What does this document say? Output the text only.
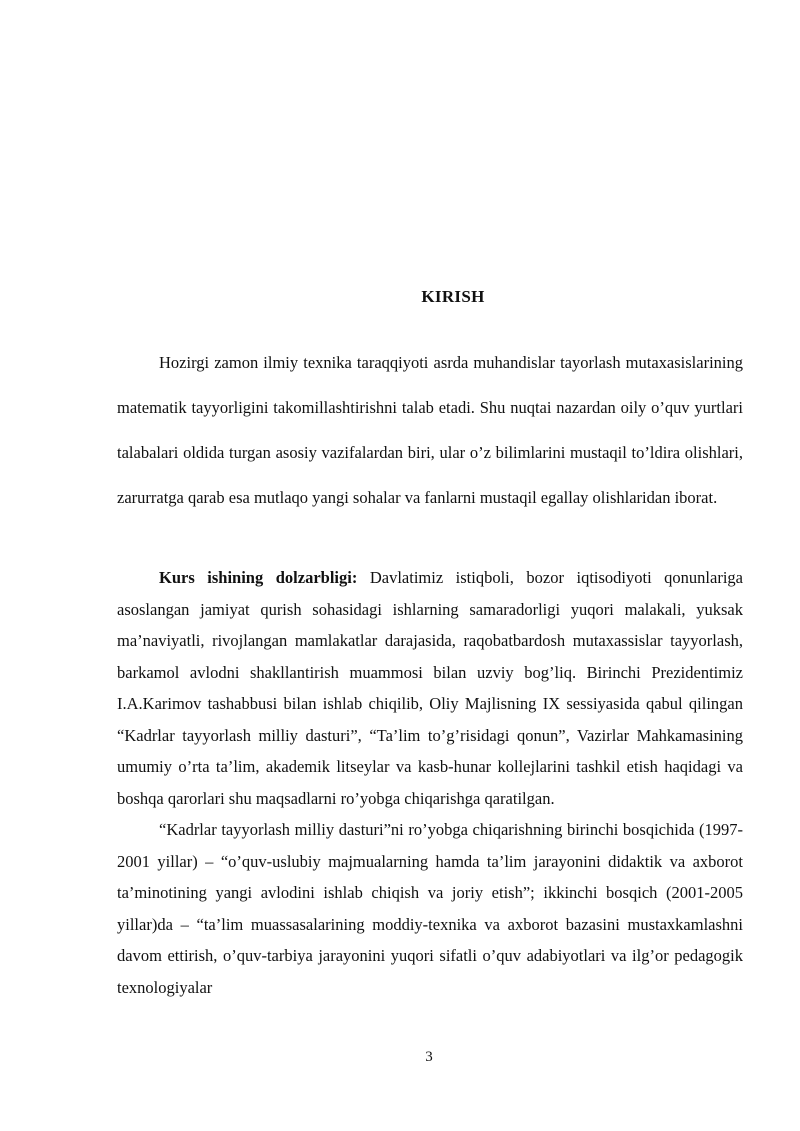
KIRISH

Hozirgi zamon ilmiy texnika taraqqiyoti asrda muhandislar tayorlash mutaxasislarining matematik tayyorligini takomillashtirishni talab etadi. Shu nuqtai nazardan oily o’quv yurtlari talabalari oldida turgan asosiy vazifalardan biri, ular o’z bilimlarini mustaqil to’ldira olishlari, zarurratga qarab esa mutlaqo yangi sohalar va fanlarni mustaqil egallay olishlaridan iborat.

Kurs ishining dolzarbligi: Davlatimiz istiqboli, bozor iqtisodiyoti qonunlariga asoslangan jamiyat qurish sohasidagi ishlarning samaradorligi yuqori malakali, yuksak ma’naviyatli, rivojlangan mamlakatlar darajasida, raqobatbardosh mutaxassislar tayyorlash, barkamol avlodni shakllantirish muammosi bilan uzviy bog’liq. Birinchi Prezidentimiz I.A.Karimov tashabbusi bilan ishlab chiqilib, Oliy Majlisning IX sessiyasida qabul qilingan “Kadrlar tayyorlash milliy dasturi”, “Ta’lim to’g’risidagi qonun”, Vazirlar Mahkamasining umumiy o’rta ta’lim, akademik litseylar va kasb-hunar kollejlarini tashkil etish haqidagi va boshqa qarorlari shu maqsadlarni ro’yobga chiqarishga qaratilgan.

“Kadrlar tayyorlash milliy dasturi”ni ro’yobga chiqarishning birinchi bosqichida (1997-2001 yillar) – “o’quv-uslubiy majmualarning hamda ta’lim jarayonini didaktik va axborot ta’minotining yangi avlodini ishlab chiqish va joriy etish”; ikkinchi bosqich (2001-2005 yillar)da – “ta’lim muassasalarining moddiy-texnika va axborot bazasini mustaxkamlashni davom ettirish, o’quv-tarbiya jarayonini yuqori sifatli o’quv adabiyotlari va ilg’or pedagogik texnologiyalar

3
